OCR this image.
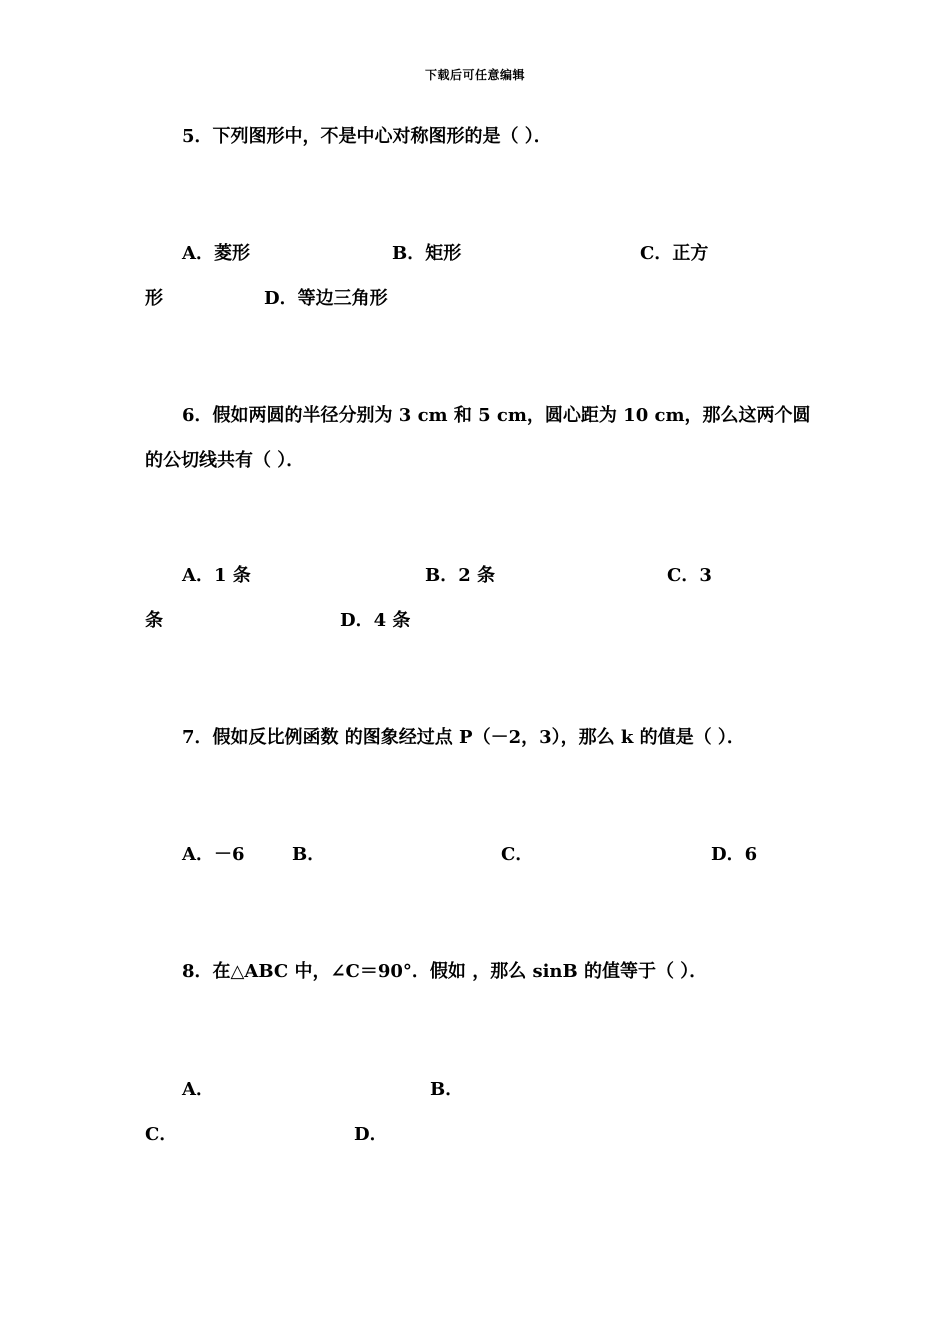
下载后可任意编辑
5．下列图形中，不是中心对称图形的是（ ）．
A．菱形	B．矩形	C．正方
形	D．等边三角形
6．假如两圆的半径分别为 3 cm 和 5 cm，圆心距为 10 cm，那么这两个圆
的公切线共有（ ）．
A．1 条	B．2 条	C．3
条	D．4 条
7．假如反比例函数 的图象经过点 P（－2，3），那么 k 的值是（ ）．
A．－6	B．	C．	D．6
8．在△ABC 中，∠C＝90°．假如 ，那么 sinB 的值等于（ ）．
A．	B．
C．	D．
